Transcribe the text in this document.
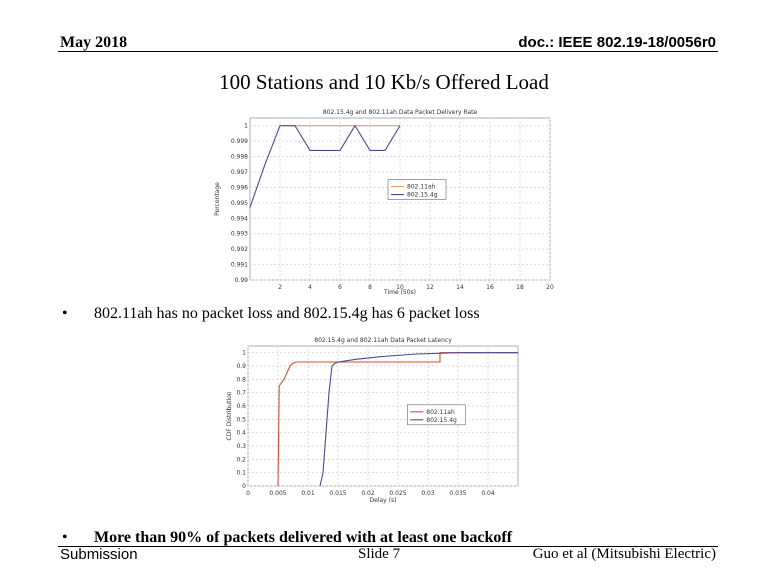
May 2018	doc.: IEEE 802.19-18/0056r0
100 Stations and 10 Kb/s Offered Load
2	4	6	8	10	12	14	16	18	20
0.99
0.991
0.992
0.993
0.994
0.995
0.996
0.997
0.998
0.999
1
802.15.4g and 802.11ah Data Packet Delivery Rate
Time (50s)
Percentage	802.11ah
802.15.4g
• 802.11ah has no packet loss and 802.15.4g has 6 packet loss
0	0.005 0.01 0.015 0.02 0.025 0.03 0.035 0.04
0
0.1
0.2
0.3
0.4
0.5
0.6
0.7
0.8
0.9
1
802.15.4g and 802.11ah Data Packet Latency
Delay (s)
CDF Distribution	802.11ah
802.15.4g
• More than 90% of packets delivered with at least one backoff
Submission	Slide 7	Guo et al (Mitsubishi Electric)
